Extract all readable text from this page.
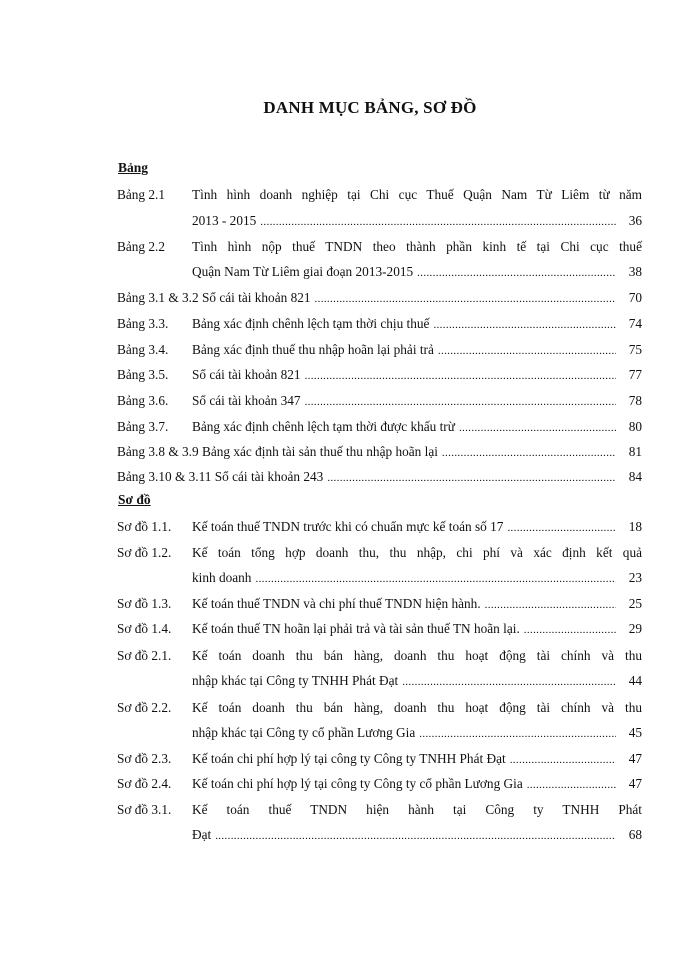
DANH MỤC BẢNG, SƠ ĐỒ
Bảng
Bảng 2.1 Tình hình doanh nghiệp tại Chi cục Thuế Quận Nam Từ Liêm từ năm
2013 - 2015 . . .	36
Bảng 2.2 Tình hình nộp thuế TNDN theo thành phần kinh tế tại Chi cục thuế
Quận Nam Từ Liêm giai đoạn 2013-2015 . . .	38
Bảng 3.1 & 3.2 Sổ cái tài khoản 821 . . .	70
Bảng 3.3. Bảng xác định chênh lệch tạm thời chịu thuế . . .	74
Bảng 3.4. Bảng xác định thuế thu nhập hoãn lại phải trả . . .	75
Bảng 3.5. Sổ cái tài khoản 821 . . .	77
Bảng 3.6. Sổ cái tài khoản 347 . . .	78
Bảng 3.7. Bảng xác định chênh lệch tạm thời được khấu trừ . . .	80
Bảng 3.8 & 3.9 Bảng xác định tài sản thuế thu nhập hoãn lại . . .	81
Bảng 3.10 & 3.11 Sổ cái tài khoản 243 . . .	84
Sơ đồ
Sơ đồ 1.1. Kế toán thuế TNDN trước khi có chuẩn mực kế toán số 17 . . .	18
Sơ đồ 1.2. Kế toán tổng hợp doanh thu, thu nhập, chi phí và xác định kết quả
kinh doanh . . .	23
Sơ đồ 1.3. Kế toán thuế TNDN và chi phí thuế TNDN hiện hành. . . .	25
Sơ đồ 1.4. Kế toán thuế TN hoãn lại phải trả và tài sản thuế TN hoãn lại. . . .	29
Sơ đồ 2.1. Kế toán doanh thu bán hàng, doanh thu hoạt động tài chính và thu
nhập khác tại Công ty TNHH Phát Đạt . . .	44
Sơ đồ 2.2. Kế toán doanh thu bán hàng, doanh thu hoạt động tài chính và thu
nhập khác tại Công ty cổ phần Lương Gia . . .	45
Sơ đồ 2.3. Kế toán chi phí hợp lý tại công ty Công ty TNHH Phát Đạt . . .	47
Sơ đồ 2.4. Kế toán chi phí hợp lý tại công ty Công ty cổ phần Lương Gia . . .	47
Sơ đồ 3.1. Kế toán thuế TNDN hiện hành tại Công ty TNHH Phát
Đạt . . .	68
